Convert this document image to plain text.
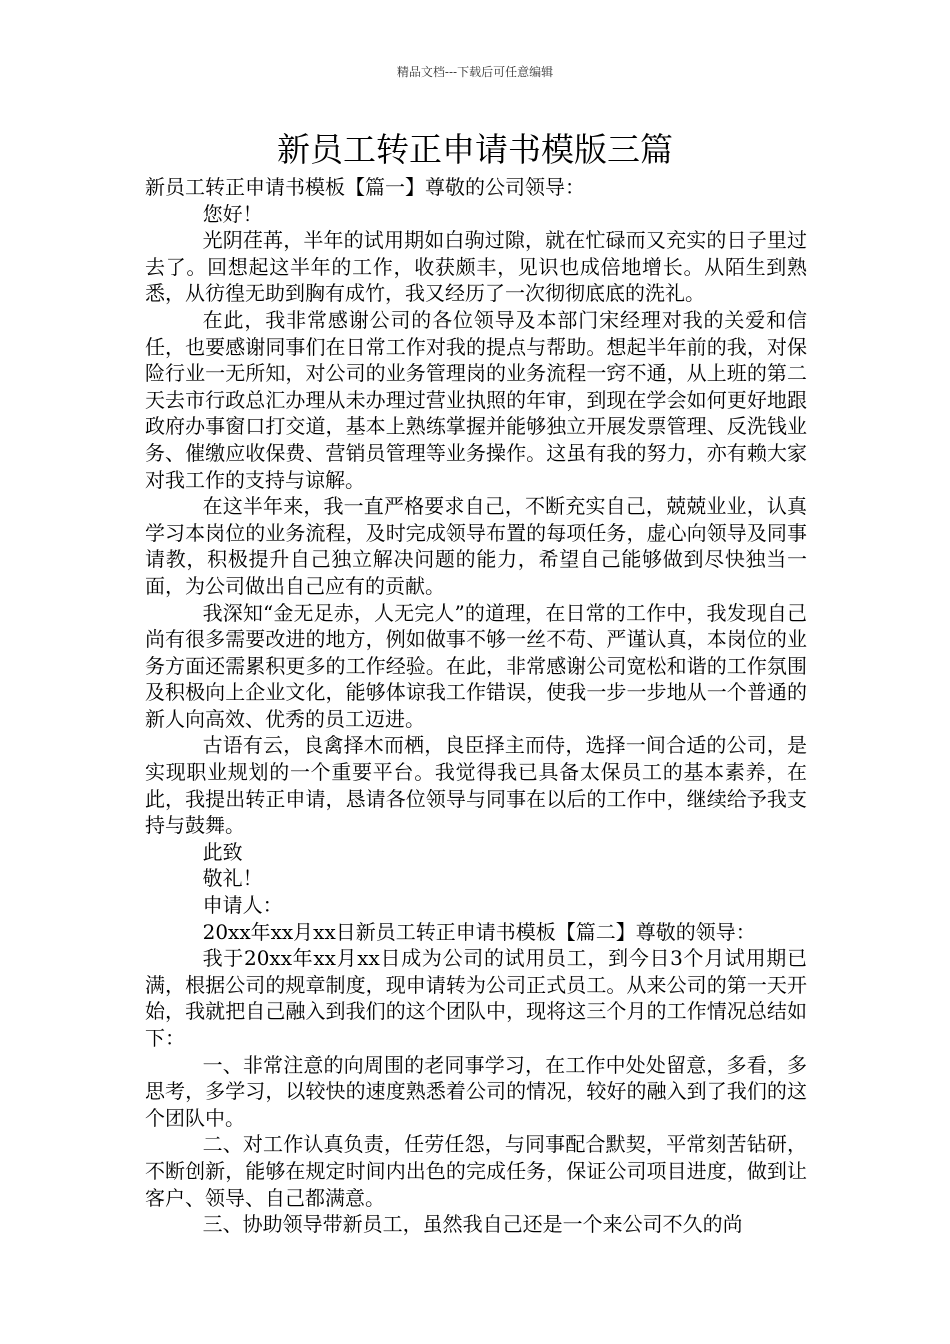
精品文档---下载后可任意编辑
新员工转正申请书模版三篇

新员工转正申请书模板【篇一】尊敬的公司领导：

您好！

光阴荏苒，半年的试用期如白驹过隙，就在忙碌而又充实的日子里过去了。回想起这半年的工作，收获颇丰，见识也成倍地增长。从陌生到熟悉，从彷徨无助到胸有成竹，我又经历了一次彻彻底底的洗礼。

在此，我非常感谢公司的各位领导及本部门宋经理对我的关爱和信任，也要感谢同事们在日常工作对我的提点与帮助。想起半年前的我，对保险行业一无所知，对公司的业务管理岗的业务流程一窍不通，从上班的第二天去市行政总汇办理从未办理过营业执照的年审，到现在学会如何更好地跟政府办事窗口打交道，基本上熟练掌握并能够独立开展发票管理、反洗钱业务、催缴应收保费、营销员管理等业务操作。这虽有我的努力，亦有赖大家对我工作的支持与谅解。

在这半年来，我一直严格要求自己，不断充实自己，兢兢业业，认真学习本岗位的业务流程，及时完成领导布置的每项任务，虚心向领导及同事请教，积极提升自己独立解决问题的能力，希望自己能够做到尽快独当一面，为公司做出自己应有的贡献。

我深知“金无足赤，人无完人”的道理，在日常的工作中，我发现自己尚有很多需要改进的地方，例如做事不够一丝不苟、严谨认真，本岗位的业务方面还需累积更多的工作经验。在此，非常感谢公司宽松和谐的工作氛围及积极向上企业文化，能够体谅我工作错误，使我一步一步地从一个普通的新人向高效、优秀的员工迈进。

古语有云，良禽择木而栖，良臣择主而侍，选择一间合适的公司，是实现职业规划的一个重要平台。我觉得我已具备太保员工的基本素养，在此，我提出转正申请，恳请各位领导与同事在以后的工作中，继续给予我支持与鼓舞。

此致

敬礼！

申请人：

20xx年xx月xx日新员工转正申请书模板【篇二】尊敬的领导：

我于20xx年xx月xx日成为公司的试用员工，到今日3个月试用期已满，根据公司的规章制度，现申请转为公司正式员工。从来公司的第一天开始，我就把自己融入到我们的这个团队中，现将这三个月的工作情况总结如下：

一、非常注意的向周围的老同事学习，在工作中处处留意，多看，多思考，多学习，以较快的速度熟悉着公司的情况，较好的融入到了我们的这个团队中。

二、对工作认真负责，任劳任怨，与同事配合默契，平常刻苦钻研，不断创新，能够在规定时间内出色的完成任务，保证公司项目进度，做到让客户、领导、自己都满意。

三、协助领导带新员工，虽然我自己还是一个来公司不久的尚
